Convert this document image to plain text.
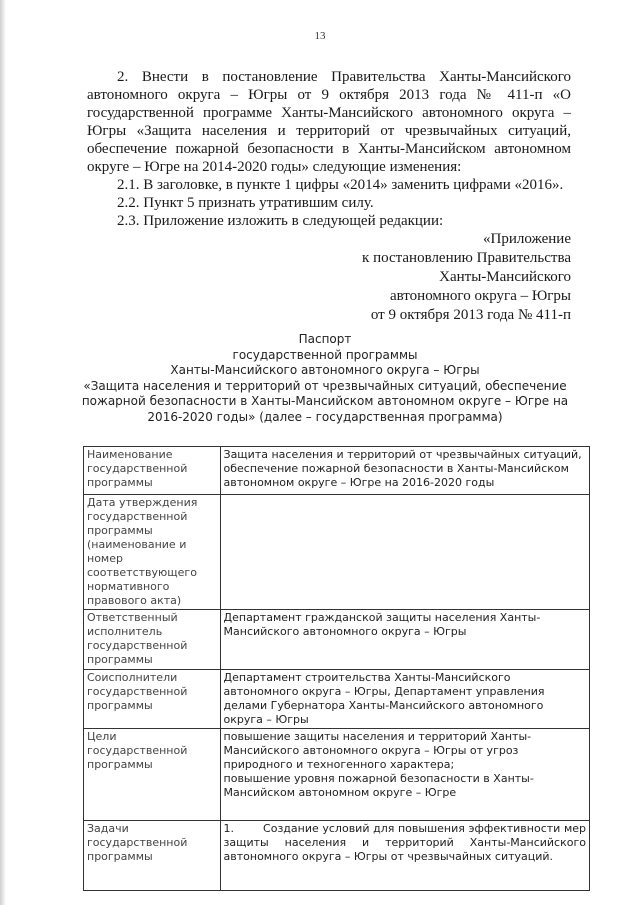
13

2. Внести в постановление Правительства Ханты-Мансийского автономного округа – Югры от 9 октября 2013 года № 411-п «О государственной программе Ханты-Мансийского автономного округа – Югры «Защита населения и территорий от чрезвычайных ситуаций, обеспечение пожарной безопасности в Ханты-Мансийском автономном округе – Югре на 2014-2020 годы» следующие изменения:

2.1. В заголовке, в пункте 1 цифры «2014» заменить цифрами «2016».

2.2. Пункт 5 признать утратившим силу.

2.3. Приложение изложить в следующей редакции:

«Приложение
к постановлению Правительства
Ханты-Мансийского
автономного округа – Югры
от 9 октября 2013 года № 411-п
Паспорт
государственной программы
Ханты-Мансийского автономного округа – Югры
«Защита населения и территорий от чрезвычайных ситуаций, обеспечение пожарной безопасности в Ханты-Мансийском автономном округе – Югре на 2016-2020 годы» (далее – государственная программа)
Наименование государственной программы	Защита населения и территорий от чрезвычайных ситуаций, обеспечение пожарной безопасности в Ханты-Мансийском автономном округе – Югре на 2016-2020 годы
Дата утверждения государственной программы (наименование и номер соответствующего нормативного правового акта)	
Ответственный исполнитель государственной программы	Департамент гражданской защиты населения Ханты-Мансийского автономного округа – Югры
Соисполнители государственной программы	Департамент строительства Ханты-Мансийского автономного округа – Югры, Департамент управления делами Губернатора Ханты-Мансийского автономного округа – Югры
Цели государственной программы	повышение защиты населения и территорий Ханты-Мансийского автономного округа – Югры от угроз природного и техногенного характера;
повышение уровня пожарной безопасности в Ханты-Мансийском автономном округе – Югре

Задачи государственной программы	1.        Создание условий для повышения эффективности мер защиты населения и территорий Ханты-Мансийского автономного округа – Югры от чрезвычайных ситуаций.
